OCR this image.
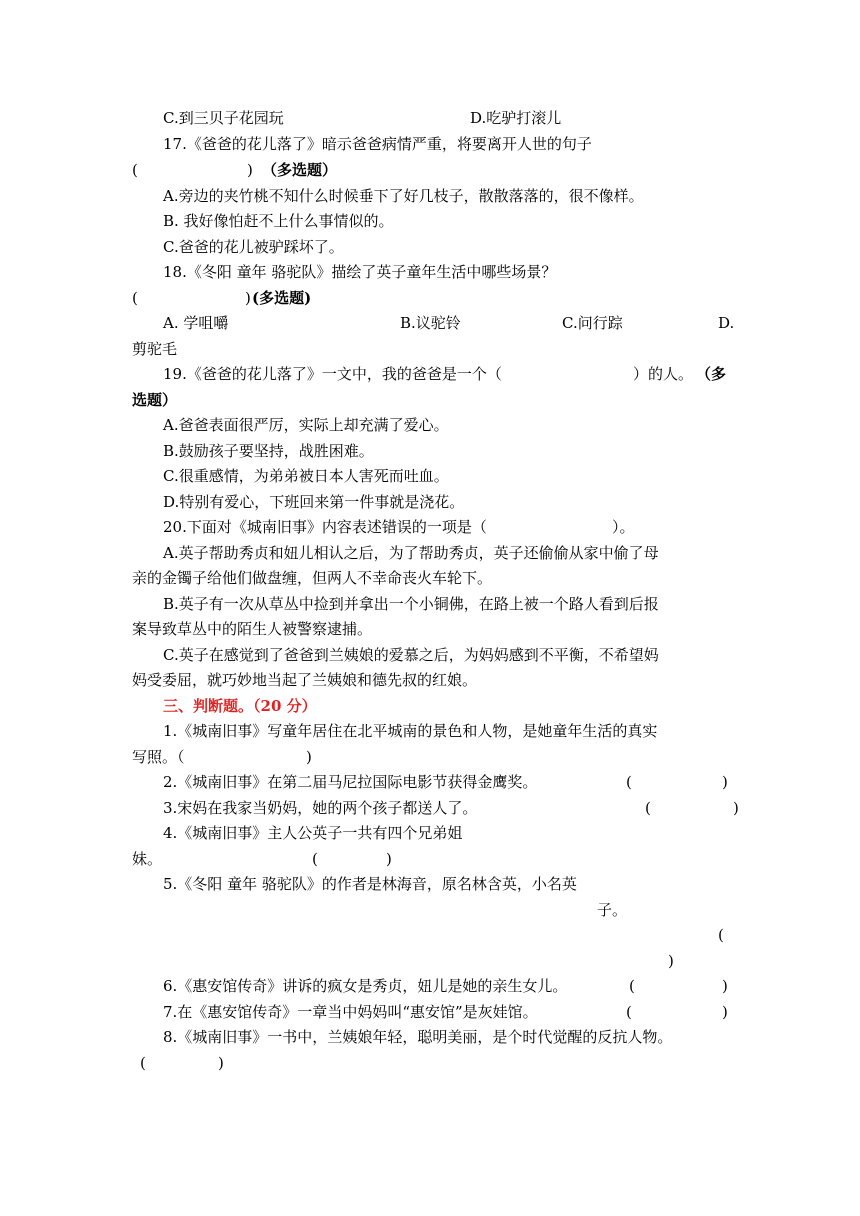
C.到三贝子花园玩	D.吃驴打滚儿
17.《爸爸的花儿落了》暗示爸爸病情严重，将要离开人世的句子
(	) （多选题）
A.旁边的夹竹桃不知什么时候垂下了好几枝子，散散落落的，很不像样。
B. 我好像怕赶不上什么事情似的。
C.爸爸的花儿被驴踩坏了。
18.《冬阳 童年 骆驼队》描绘了英子童年生活中哪些场景？
(	) (多选题)
A. 学咀嚼	B.议驼铃	C.问行踪	D.
剪驼毛
19.《爸爸的花儿落了》一文中，我的爸爸是一个（	）的人。 （多
选题）
A.爸爸表面很严厉，实际上却充满了爱心。
B.鼓励孩子要坚持，战胜困难。
C.很重感情，为弟弟被日本人害死而吐血。
D.特别有爱心，下班回来第一件事就是浇花。
20.下面对《城南旧事》内容表述错误的一项是（	）。
A.英子帮助秀贞和妞儿相认之后，为了帮助秀贞，英子还偷偷从家中偷了母
亲的金镯子给他们做盘缠，但两人不幸命丧火车轮下。
B.英子有一次从草丛中捡到并拿出一个小铜佛，在路上被一个路人看到后报
案导致草丛中的陌生人被警察逮捕。
C.英子在感觉到了爸爸到兰姨娘的爱慕之后，为妈妈感到不平衡，不希望妈
妈受委屈，就巧妙地当起了兰姨娘和德先叔的红娘。
三、判断题。（20 分）
1.《城南旧事》写童年居住在北平城南的景色和人物，是她童年生活的真实
写照。（	)
2.《城南旧事》在第二届马尼拉国际电影节获得金鹰奖。	(	)
3.宋妈在我家当奶妈，她的两个孩子都送人了。	(	)
4.《城南旧事》主人公英子一共有四个兄弟姐
妹。	(	)
5.《冬阳 童年 骆驼队》的作者是林海音，原名林含英，小名英
子。
(
)
6.《惠安馆传奇》讲诉的疯女是秀贞，妞儿是她的亲生女儿。	(	)
7.在《惠安馆传奇》一章当中妈妈叫“惠安馆”是灰娃馆。	(	)
8.《城南旧事》一书中，兰姨娘年轻，聪明美丽，是个时代觉醒的反抗人物。
(	)
